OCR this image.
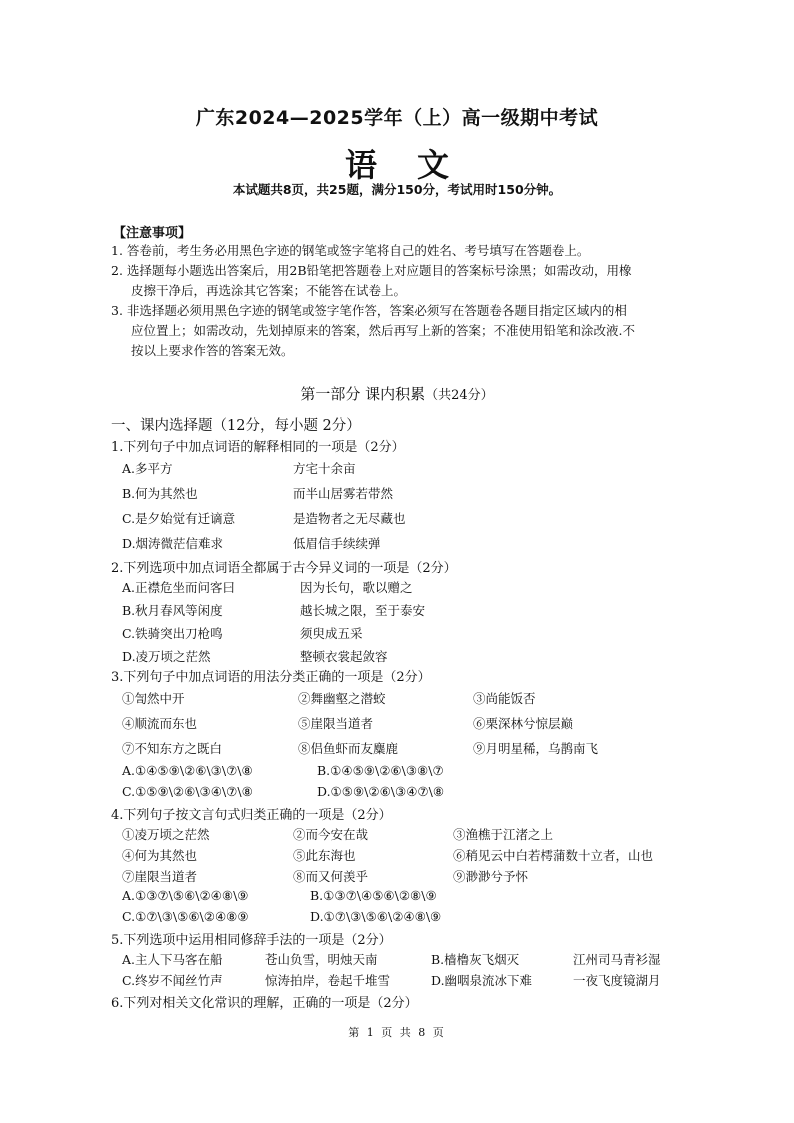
广东2024—2025学年（上）高一级期中考试
语文
本试题共8页，共25题，满分150分，考试用时150分钟。
【注意事项】
1. 答卷前，考生务必用黑色字迹的钢笔或签字笔将自己的姓名、考号填写在答题卷上。
2. 选择题每小题选出答案后，用2B铅笔把答题卷上对应题目的答案标号涂黑；如需改动，用橡
皮擦干净后，再选涂其它答案；不能答在试卷上。
3. 非选择题必须用黑色字迹的钢笔或签字笔作答，答案必须写在答题卷各题目指定区域内的相
应位置上；如需改动，先划掉原来的答案，然后再写上新的答案；不准使用铅笔和涂改液.不
按以上要求作答的答案无效。
第一部分 课内积累（共24分）
一、课内选择题（12分，每小题 2分）
1.下列句子中加点词语的解释相同的一项是（2分）
A.多平方	方宅十余亩
B.何为其然也	而半山居雾若带然
C.是夕始觉有迁谪意	是造物者之无尽藏也
D.烟涛微茫信难求	低眉信手续续弹
2.下列选项中加点词语全都属于古今异义词的一项是（2分）
A.正襟危坐而问客曰	因为长句，歌以赠之
B.秋月春风等闲度	越长城之限，至于泰安
C.铁骑突出刀枪鸣	须臾成五采
D.凌万顷之茫然	整顿衣裳起敛容
3.下列句子中加点词语的用法分类正确的一项是（2分）
①訇然中开	②舞幽壑之潜蛟	③尚能饭否
④顺流而东也	⑤崖限当道者	⑥栗深林兮惊层巅
⑦不知东方之既白	⑧侣鱼虾而友麋鹿	⑨月明星稀，乌鹊南飞
A.①④⑤⑨\②⑥\③\⑦\⑧	B.①④⑤⑨\②⑥\③⑧\⑦
C.①⑤⑨\②⑥\③④\⑦\⑧	D.①⑤⑨\②⑥\③④⑦\⑧
4.下列句子按文言句式归类正确的一项是（2分）
①凌万顷之茫然	②而今安在哉	③渔樵于江渚之上
④何为其然也	⑤此东海也	⑥稍见云中白若樗蒲数十立者，山也
⑦崖限当道者	⑧而又何羡乎	⑨渺渺兮予怀
A.①③⑦\⑤⑥\②④⑧\⑨	B.①③⑦\④⑤⑥\②⑧\⑨
C.①⑦\③\⑤⑥\②④⑧⑨	D.①⑦\③\⑤⑥\②④⑧\⑨
5.下列选项中运用相同修辞手法的一项是（2分）
A.主人下马客在船	苍山负雪，明烛天南	B.樯橹灰飞烟灭	江州司马青衫湿
C.终岁不闻丝竹声	惊涛拍岸，卷起千堆雪	D.幽咽泉流冰下难	一夜飞度镜湖月
6.下列对相关文化常识的理解，正确的一项是（2分）
第 1 页 共 8 页
